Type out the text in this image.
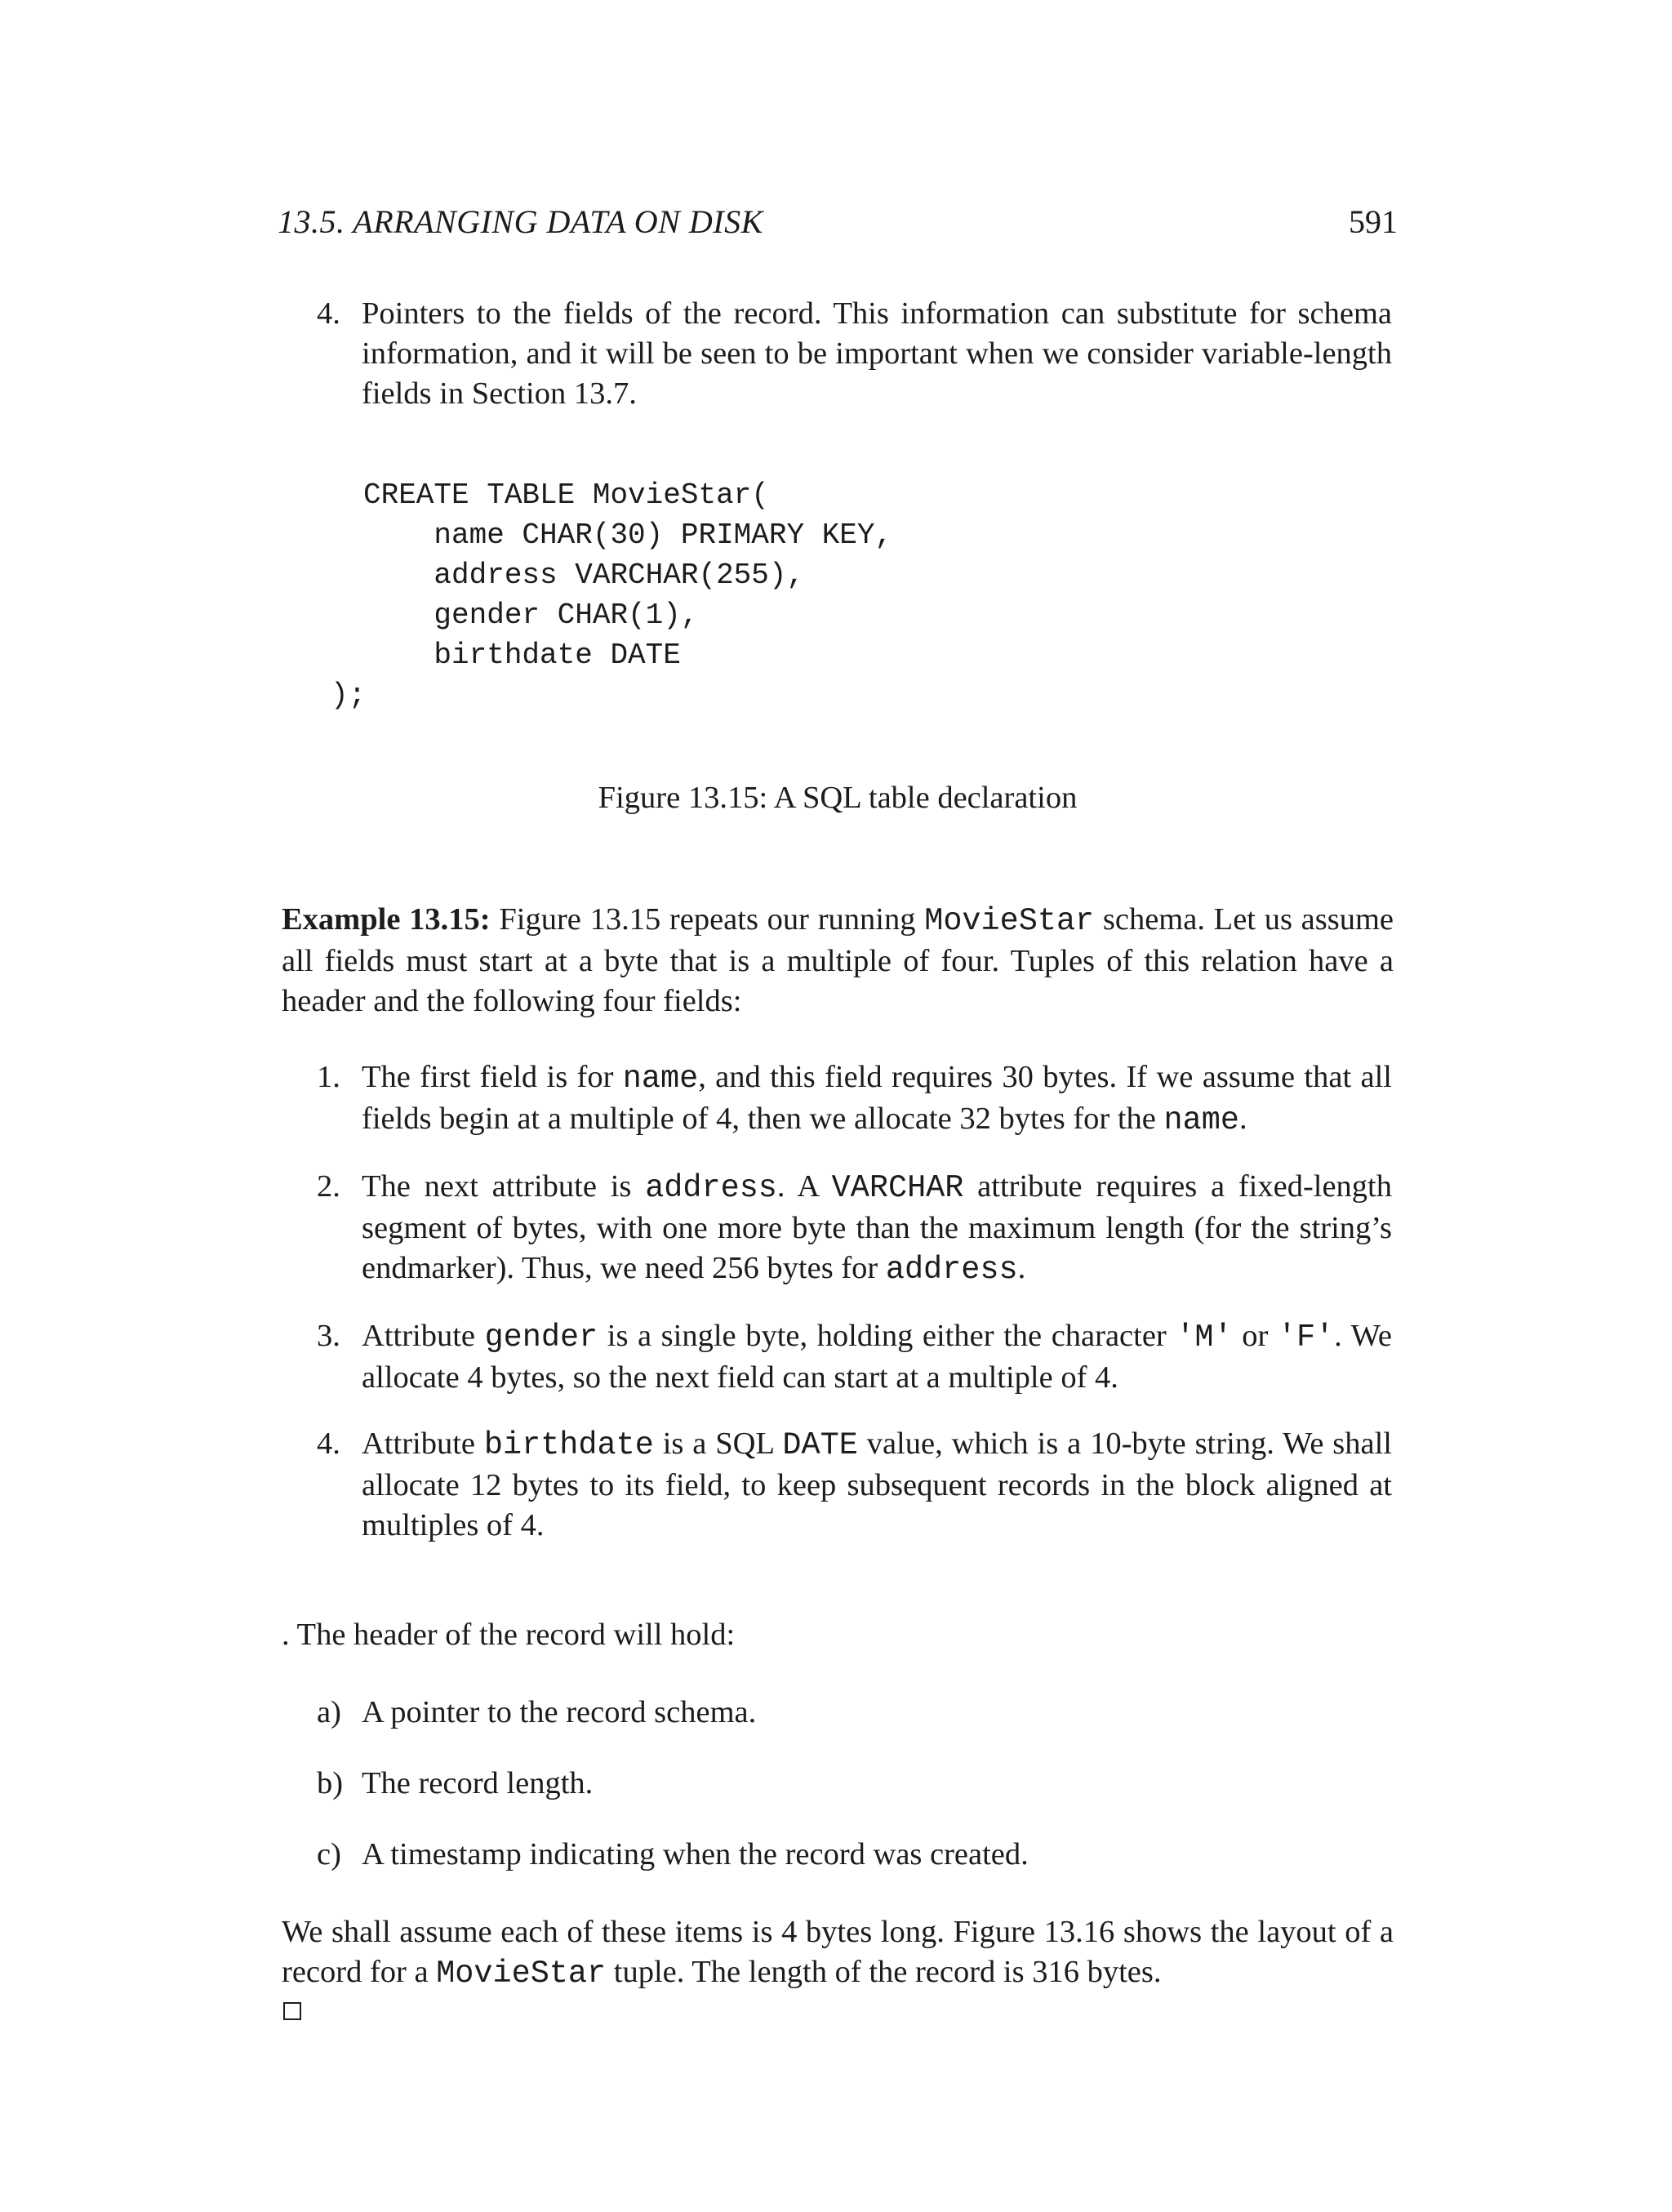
13.5. ARRANGING DATA ON DISK	591
4. Pointers to the fields of the record. This information can substitute for schema information, and it will be seen to be important when we consider variable-length fields in Section 13.7.

CREATE TABLE MovieStar(
name CHAR(30) PRIMARY KEY,
address VARCHAR(255),
gender CHAR(1),
birthdate DATE
);
Figure 13.15: A SQL table declaration

Example 13.15: Figure 13.15 repeats our running MovieStar schema. Let us assume all fields must start at a byte that is a multiple of four. Tuples of this relation have a header and the following four fields:

1. The first field is for name, and this field requires 30 bytes. If we assume that all fields begin at a multiple of 4, then we allocate 32 bytes for the name.

2. The next attribute is address. A VARCHAR attribute requires a fixed-length segment of bytes, with one more byte than the maximum length (for the string’s endmarker). Thus, we need 256 bytes for address.

3. Attribute gender is a single byte, holding either the character 'M' or 'F'. We allocate 4 bytes, so the next field can start at a multiple of 4.

4. Attribute birthdate is a SQL DATE value, which is a 10-byte string. We shall allocate 12 bytes to its field, to keep subsequent records in the block aligned at multiples of 4.

. The header of the record will hold:
a) A pointer to the record schema.

b) The record length.

c) A timestamp indicating when the record was created.

We shall assume each of these items is 4 bytes long. Figure 13.16 shows the layout of a record for a MovieStar tuple. The length of the record is 316 bytes.
